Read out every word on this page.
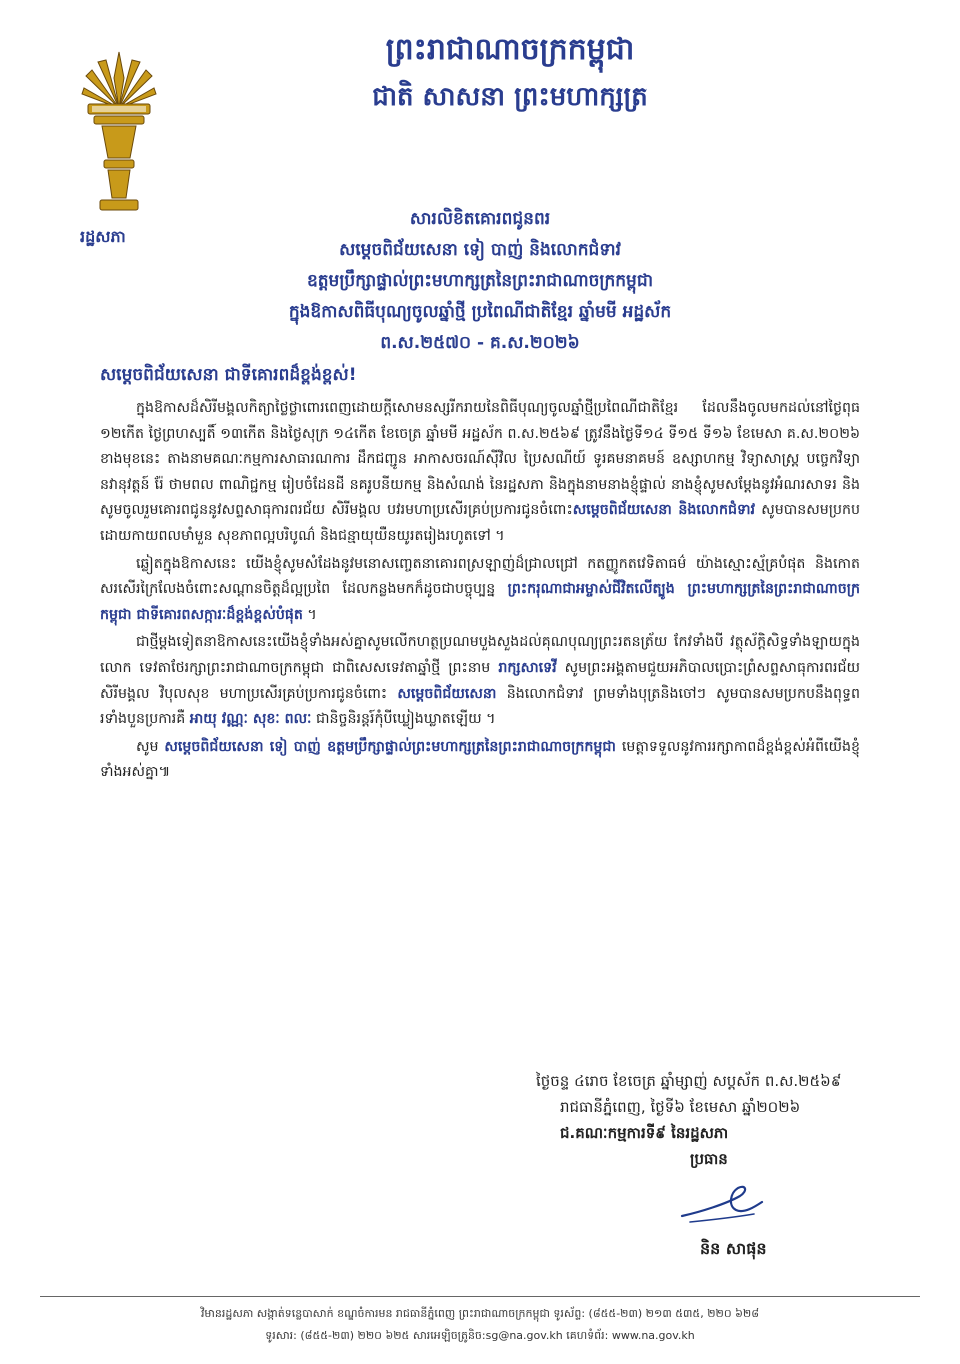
ព្រះរាជាណាចក្រកម្ពុជា
ជាតិ សាសនា ព្រះមហាក្សត្រ
រដ្ឋសភា
សារលិខិតគោរពជូនពរ
សម្តេចពិជ័យសេនា ទៀ បាញ់ និងលោកជំទាវ
ឧត្តមប្រឹក្សាផ្ទាល់ព្រះមហាក្សត្រនៃព្រះរាជាណាចក្រកម្ពុជា
ក្នុងឱកាសពិធីបុណ្យចូលឆ្នាំថ្មី ប្រពៃណីជាតិខ្មែរ ឆ្នាំមមី អដ្ឋស័ក
ព.ស.២៥៧០ - គ.ស.២០២៦
សម្តេចពិជ័យសេនា ជាទីគោរពដ៏ខ្ពង់ខ្ពស់!

ក្នុងឱកាសដ៏សិរីមង្គលកិត្យាថ្លៃថ្លាពោរពេញដោយក្តីសោមនស្សរីករាយនៃពិធីបុណ្យចូលឆ្នាំថ្មីប្រពៃណីជាតិខ្មែរ ដែលនឹងចូលមកដល់នៅថ្ងៃពុធ ១២កើត ថ្ងៃព្រហស្បតិ៍ ១៣កើត និងថ្ងៃសុក្រ ១៤កើត ខែចេត្រ ឆ្នាំមមី អដ្ឋស័ក ព.ស.២៥៦៩ ត្រូវនឹងថ្ងៃទី១៤ ទី១៥ ទី១៦ ខែមេសា គ.ស.២០២៦ ខាងមុខនេះ តាងនាមគណៈកម្មការសាធារណការ ដឹកជញ្ជូន អាកាសចរណ៍ស៊ីវិល ប្រៃសណីយ៍ ទូរគមនាគមន៍ ឧស្សាហកម្ម វិទ្យាសាស្ត្រ បច្ចេកវិទ្យា នវានុវត្តន៍ រ៉ែ ថាមពល ពាណិជ្ជកម្ម រៀបចំដែនដី នគរូបនីយកម្ម និងសំណង់ នៃរដ្ឋសភា និងក្នុងនាមនាងខ្ញុំផ្ទាល់ នាងខ្ញុំសូមសម្តែងនូវអំណរសាទរ និងសូមចូលរួមគោរពជូននូវសព្ទសាធុការពរជ័យ សិរីមង្គល បវរមហាប្រសើរគ្រប់ប្រការជូនចំពោះសម្តេចពិជ័យសេនា និងលោកជំទាវ សូមបានសមប្រកបដោយកាយពលមាំមួន សុខភាពល្អបរិបូណ៌ និងជន្មាយុយឺនយូរតរៀងរហូតទៅ ។

ឆ្លៀតក្នុងឱកាសនេះ យើងខ្ញុំសូមសំដែងនូវមនោសញ្ចេតនាគោរពស្រឡាញ់ដ៏ជ្រាលជ្រៅ កតញ្ញូកតវេទិតាធម៌ យ៉ាងស្មោះស្ម័គ្របំផុត និងកោតសរសើរក្រៃលែងចំពោះសណ្តានចិត្តដ៏ល្អប្រពៃ ដែលកន្លងមកក៏ដូចជាបច្ចុប្បន្ន ព្រះករុណាជាអម្ចាស់ជីវិតលើត្បូង ព្រះមហាក្សត្រនៃព្រះរាជាណាចក្រកម្ពុជា ជាទីគោរពសក្ការៈដ៏ខ្ពង់ខ្ពស់បំផុត ។

ជាថ្មីម្តងទៀតនាឱកាសនេះយើងខ្ញុំទាំងអស់គ្នាសូមលើកហត្ថប្រណមបួងសួងដល់គុណបុណ្យព្រះរតនត្រ័យ កែវទាំងបី វត្ថុស័ក្តិសិទ្ធទាំងឡាយក្នុងលោក ទេវតាថែរក្សាព្រះរាជាណាចក្រកម្ពុជា ជាពិសេសទេវតាឆ្នាំថ្មី ព្រះនាម រាក្សសាទេវី សូមព្រះអង្គតាមជួយអភិបាលប្រោះព្រំសព្ទសាធុការពរជ័យ សិរីមង្គល វិបុលសុខ មហាប្រសើរគ្រប់ប្រការជូនចំពោះ សម្តេចពិជ័យសេនា និងលោកជំទាវ ព្រមទាំងបុត្រនិងចៅៗ សូមបានសមប្រកបនឹងពុទ្ធពរទាំងបួនប្រការគឺ អាយុ វណ្ណៈ សុខៈ ពលៈ ជានិច្ចនិរន្តរ៍កុំបីឃ្លៀងឃ្លាតឡើយ ។

សូម សម្តេចពិជ័យសេនា ទៀ បាញ់ ឧត្តមប្រឹក្សាផ្ទាល់ព្រះមហាក្សត្រនៃព្រះរាជាណាចក្រកម្ពុជា មេត្តាទទួលនូវការរក្សាកាពដ៏ខ្ពង់ខ្ពស់អំពីយើងខ្ញុំទាំងអស់គ្នា៕

ថ្ងៃចន្ទ ៤រោច ខែចេត្រ ឆ្នាំម្សាញ់ សប្តស័ក ព.ស.២៥៦៩
រាជធានីភ្នំពេញ, ថ្ងៃទី៦ ខែមេសា ឆ្នាំ២០២៦
ជ.គណៈកម្មការទី៩ នៃរដ្ឋសភា
ប្រធាន
និន សាផុន
វិមានរដ្ឋសភា សង្កាត់ទន្លេបាសាក់ ខណ្ឌចំការមន រាជធានីភ្នំពេញ ព្រះរាជាណាចក្រកម្ពុជា ទូរស័ព្ទ: (៨៥៥-២៣) ២១៣ ៥៣៥, ២២០ ៦២៨
ទូរសារ: (៨៥៥-២៣) ២២០ ៦២៥ សារអេឡិចត្រូនិច:sg@na.gov.kh គេហទំព័រ: www.na.gov.kh
